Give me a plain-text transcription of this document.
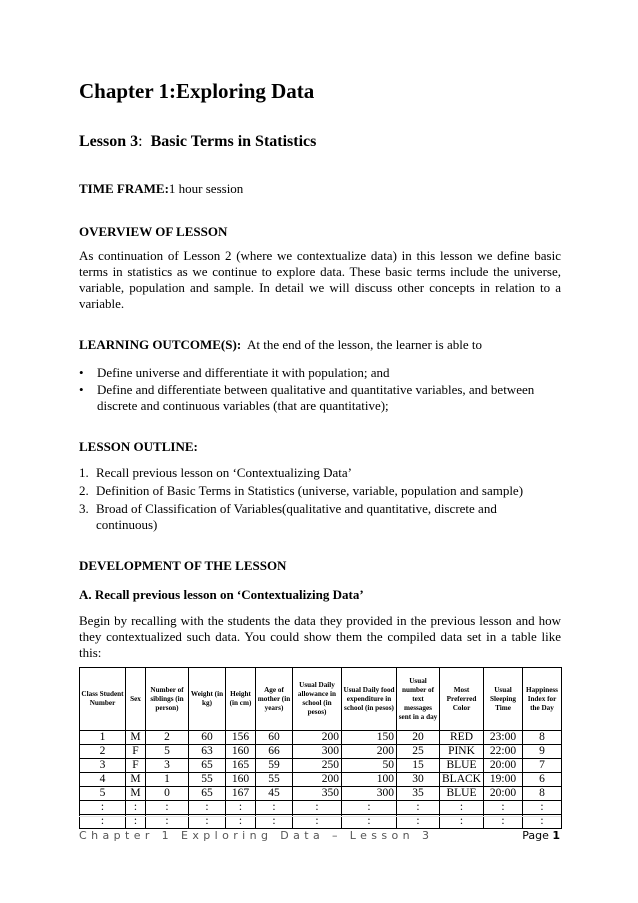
Chapter 1:Exploring Data
Lesson 3: Basic Terms in Statistics
TIME FRAME:1 hour session
OVERVIEW OF LESSON

As continuation of Lesson 2 (where we contextualize data) in this lesson we define basic terms in statistics as we continue to explore data. These basic terms include the universe, variable, population and sample. In detail we will discuss other concepts in relation to a variable.

LEARNING OUTCOME(S): At the end of the lesson, the learner is able to
• Define universe and differentiate it with population; and
• Define and differentiate between qualitative and quantitative variables, and between discrete and continuous variables (that are quantitative);
LESSON OUTLINE:
1. Recall previous lesson on ‘Contextualizing Data’
2. Definition of Basic Terms in Statistics (universe, variable, population and sample)
3. Broad of Classification of Variables(qualitative and quantitative, discrete and continuous)
DEVELOPMENT OF THE LESSON
A. Recall previous lesson on ‘Contextualizing Data’

Begin by recalling with the students the data they provided in the previous lesson and how they contextualized such data. You could show them the compiled data set in a table like this:

Class Student Number	Sex	Number of siblings (in person)	Weight (in kg)	Height (in cm)	Age of mother (in years)	Usual Daily allowance in school (in pesos)	Usual Daily food expenditure in school (in pesos)	Usual number of text messages sent in a day	Most Preferred Color	Usual Sleeping Time	Happiness Index for the Day
1	M	2	60	156	60	200	150	20	RED	23:00	8
2	F	5	63	160	66	300	200	25	PINK	22:00	9
3	F	3	65	165	59	250	50	15	BLUE	20:00	7
4	M	1	55	160	55	200	100	30	BLACK	19:00	6
5	M	0	65	167	45	350	300	35	BLUE	20:00	8
:	:	:	:	:	:	:	:	:	:	:	:
:	:	:	:	:	:	:	:	:	:	:	:
Chapter 1 Exploring Data – Lesson 3	Page 1
